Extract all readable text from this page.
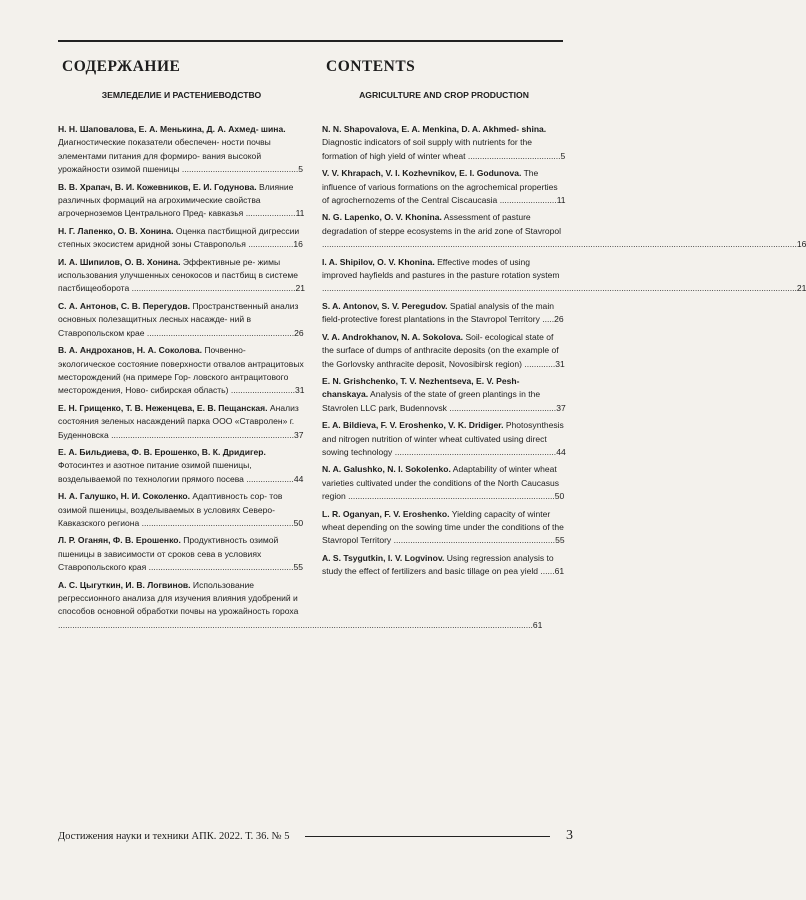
СОДЕРЖАНИЕ
ЗЕМЛЕДЕЛИЕ И РАСТЕНИЕВОДСТВО
Н. Н. Шаповалова, Е. А. Менькина, Д. А. Ахмед- шина. Диагностические показатели обеспечен- ности почвы элементами питания для формиро- вания высокой урожайности озимой пшеницы .................................................5
В. В. Храпач, В. И. Кожевников, Е. И. Годунова. Влияние различных формаций на агрохимические свойства агрочерноземов Центрального Пред- кавказья .....................11
Н. Г. Лапенко, О. В. Хонина. Оценка пастбищной дигрессии степных экосистем аридной зоны Ставрополья ...................16
И. А. Шипилов, О. В. Хонина. Эффективные ре- жимы использования улучшенных сенокосов и пастбищ в системе пастбищеоборота .....................................................................21
С. А. Антонов, С. В. Перегудов. Пространственный анализ основных полезащитных лесных насажде- ний в Ставропольском крае ..............................................................26
В. А. Андроханов, Н. А. Соколова. Почвенно- экологическое состояние поверхности отвалов антрацитовых месторождений (на примере Гор- ловского антрацитового месторождения, Ново- сибирская область) ...........................31
Е. Н. Грищенко, Т. В. Неженцева, Е. В. Пещанская. Анализ состояния зеленых насаждений парка ООО «Ставролен» г. Буденновска .............................................................................37
Е. А. Бильдиева, Ф. В. Ерошенко, В. К. Дридигер. Фотосинтез и азотное питание озимой пшеницы, возделываемой по технологии прямого посева ....................44
Н. А. Галушко, Н. И. Соколенко. Адаптивность сор- тов озимой пшеницы, возделываемых в условиях Северо-Кавказского региона ................................................................50
Л. Р. Оганян, Ф. В. Ерошенко. Продуктивность озимой пшеницы в зависимости от сроков сева в условиях Ставропольского края .............................................................55
А. С. Цыгуткин, И. В. Логвинов. Использование регрессионного анализа для изучения влияния удобрений и способов основной обработки почвы на урожайность гороха ........................................................................................................................................................................................................61
CONTENTS
AGRICULTURE AND CROP PRODUCTION
N. N. Shapovalova, E. A. Menkina, D. A. Akhmed- shina. Diagnostic indicators of soil supply with nutrients for the formation of high yield of winter wheat .......................................5
V. V. Khrapach, V. I. Kozhevnikov, E. I. Godunova. The influence of various formations on the agrochemical properties of agrochernozems of the Central Ciscaucasia ........................11
N. G. Lapenko, O. V. Khonina. Assessment of pasture degradation of steppe ecosystems in the arid zone of Stavropol ........................................................................................................................................................................................................16
I. A. Shipilov, O. V. Khonina. Effective modes of using improved hayfields and pastures in the pasture rotation system ........................................................................................................................................................................................................21
S. A. Antonov, S. V. Peregudov. Spatial analysis of the main field-protective forest plantations in the Stavropol Territory .....26
V. A. Androkhanov, N. A. Sokolova. Soil- ecological state of the surface of dumps of anthracite deposits (on the example of the Gorlovsky anthracite deposit, Novosibirsk region) .............31
E. N. Grishchenko, T. V. Nezhentseva, E. V. Pesh- chanskaya. Analysis of the state of green plantings in the Stavrolen LLC park, Budennovsk .............................................37
E. A. Bildieva, F. V. Eroshenko, V. K. Dridiger. Photosynthesis and nitrogen nutrition of winter wheat cultivated using direct sowing technology ....................................................................44
N. A. Galushko, N. I. Sokolenko. Adaptability of winter wheat varieties cultivated under the conditions of the North Caucasus region .......................................................................................50
L. R. Oganyan, F. V. Eroshenko. Yielding capacity of winter wheat depending on the sowing time under the conditions of the Stavropol Territory ....................................................................55
A. S. Tsygutkin, I. V. Logvinov. Using regression analysis to study the effect of fertilizers and basic tillage on pea yield ......61
Достижения науки и техники АПК. 2022. Т. 36. № 5	3
